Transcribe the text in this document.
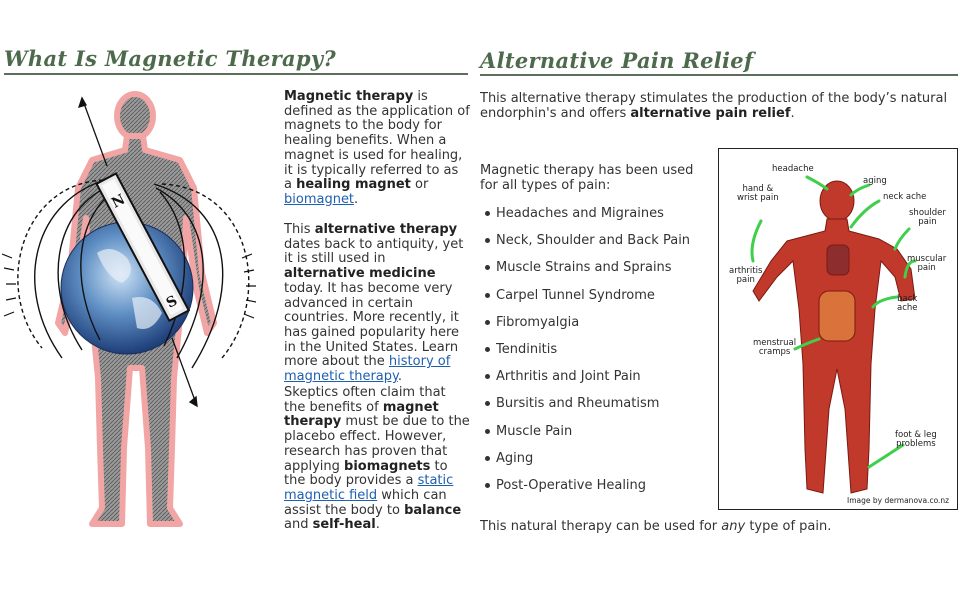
What Is Magnetic Therapy?
N
S

Magnetic therapy is defined as the application of magnets to the body for healing benefits. When a magnet is used for healing, it is typically referred to as a healing magnet or biomagnet.

This alternative therapy dates back to antiquity, yet it is still used in alternative medicine today. It has become very advanced in certain countries. More recently, it has gained popularity here in the United States. Learn more about the history of magnetic therapy.

Skeptics often claim that the benefits of magnet therapy must be due to the placebo effect. However, research has proven that applying biomagnets to the body provides a static magnetic field which can assist the body to balance and self-heal.

Alternative Pain Relief

This alternative therapy stimulates the production of the body’s natural endorphin's and offers alternative pain relief.

Magnetic therapy has been used for all types of pain:

Headaches and Migraines
Neck, Shoulder and Back Pain
Muscle Strains and Sprains
Carpel Tunnel Syndrome
Fibromyalgia
Tendinitis
Arthritis and Joint Pain
Bursitis and Rheumatism
Muscle Pain
Aging
Post-Operative Healing

This natural therapy can be used for any type of pain.

headache
aging
hand &
wrist pain	neck ache
shoulder
pain
arthritis
pain
muscular
pain
back
ache
menstrual
cramps
foot & leg
problems
Image by dermanova.co.nz
